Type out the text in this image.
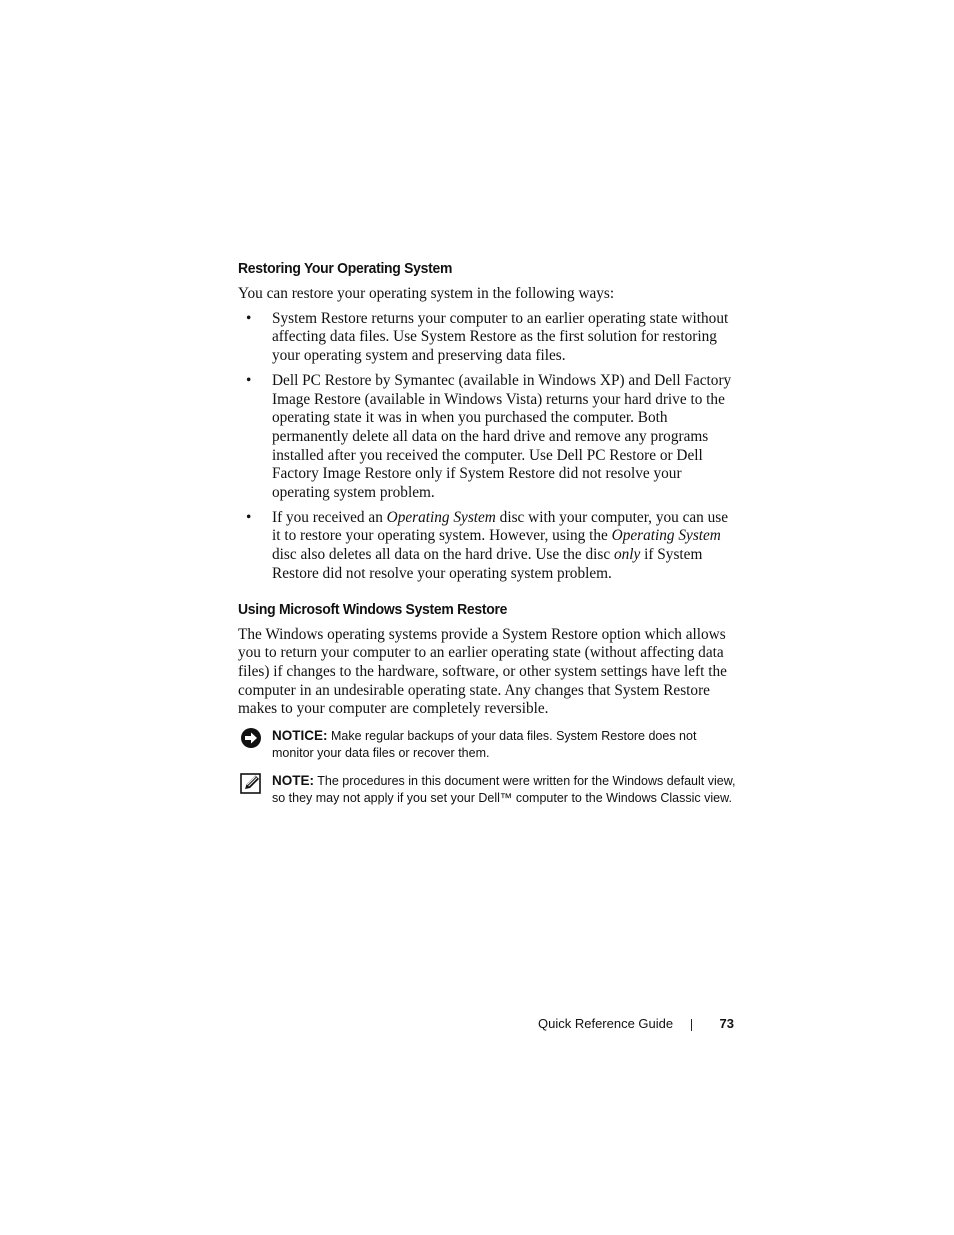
Restoring Your Operating System

You can restore your operating system in the following ways:

• System Restore returns your computer to an earlier operating state without affecting data files. Use System Restore as the first solution for restoring your operating system and preserving data files.
• Dell PC Restore by Symantec (available in Windows XP) and Dell Factory Image Restore (available in Windows Vista) returns your hard drive to the operating state it was in when you purchased the computer. Both permanently delete all data on the hard drive and remove any programs installed after you received the computer. Use Dell PC Restore or Dell Factory Image Restore only if System Restore did not resolve your operating system problem.
• If you received an Operating System disc with your computer, you can use it to restore your operating system. However, using the Operating System disc also deletes all data on the hard drive. Use the disc only if System Restore did not resolve your operating system problem.
Using Microsoft Windows System Restore

The Windows operating systems provide a System Restore option which allows you to return your computer to an earlier operating state (without affecting data files) if changes to the hardware, software, or other system settings have left the computer in an undesirable operating state. Any changes that System Restore makes to your computer are completely reversible.

NOTICE: Make regular backups of your data files. System Restore does not monitor your data files or recover them.
NOTE: The procedures in this document were written for the Windows default view, so they may not apply if you set your Dell™ computer to the Windows Classic view.
Quick Reference Guide	73
